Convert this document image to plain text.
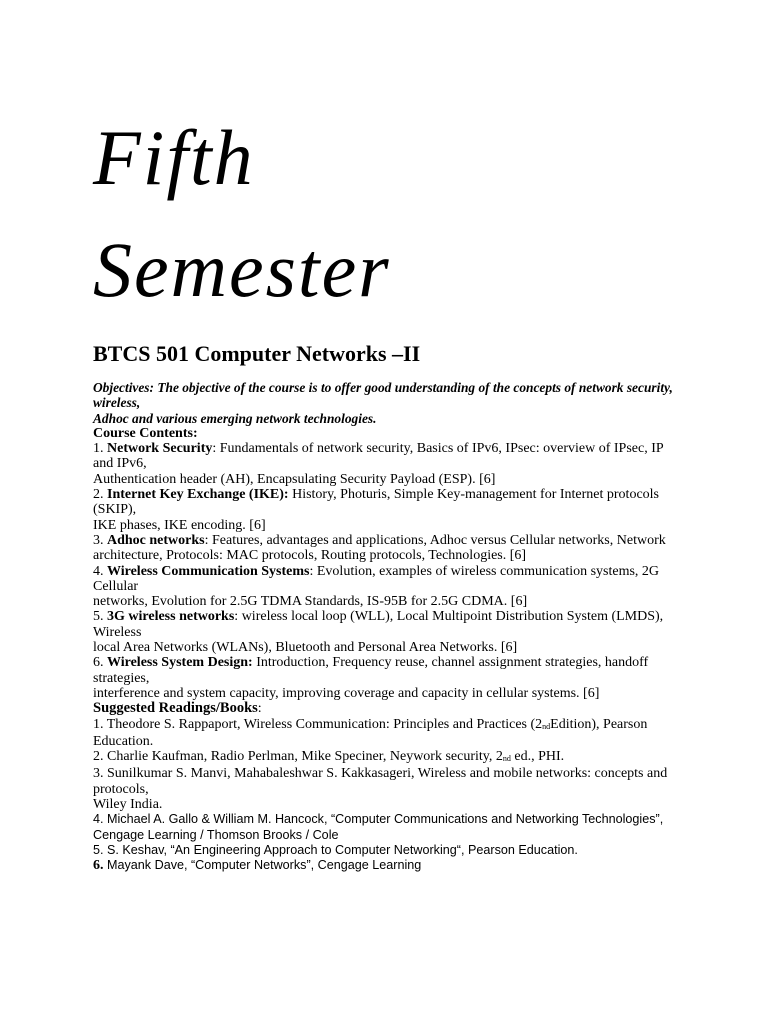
Fifth
Semester
BTCS 501 Computer Networks –II

Objectives: The objective of the course is to offer good understanding of the concepts of network security, wireless,
Adhoc and various emerging network technologies.

Course Contents:

1. Network Security: Fundamentals of network security, Basics of IPv6, IPsec: overview of IPsec, IP and IPv6,
Authentication header (AH), Encapsulating Security Payload (ESP). [6]

2. Internet Key Exchange (IKE): History, Photuris, Simple Key-management for Internet protocols (SKIP),
IKE phases, IKE encoding. [6]

3. Adhoc networks: Features, advantages and applications, Adhoc versus Cellular networks, Network architecture, Protocols: MAC protocols, Routing protocols, Technologies. [6]

4. Wireless Communication Systems: Evolution, examples of wireless communication systems, 2G Cellular
networks, Evolution for 2.5G TDMA Standards, IS-95B for 2.5G CDMA. [6]

5. 3G wireless networks: wireless local loop (WLL), Local Multipoint Distribution System (LMDS), Wireless
local Area Networks (WLANs), Bluetooth and Personal Area Networks. [6]

6. Wireless System Design: Introduction, Frequency reuse, channel assignment strategies, handoff strategies,
interference and system capacity, improving coverage and capacity in cellular systems. [6]

Suggested Readings/Books:

1. Theodore S. Rappaport, Wireless Communication: Principles and Practices $(2_{nd}Edition)$, Pearson Education.

2. Charlie Kaufman, Radio Perlman, Mike Speciner, Neywork security, $2_{nd}$ ed., PHI.

3. Sunilkumar S. Manvi, Mahabaleshwar S. Kakkasageri, Wireless and mobile networks: concepts and protocols,
Wiley India.

4. Michael A. Gallo & William M. Hancock, “Computer Communications and Networking Technologies”,
Cengage Learning / Thomson Brooks / Cole

5. S. Keshav, “An Engineering Approach to Computer Networking“, Pearson Education.

6. Mayank Dave, “Computer Networks”, Cengage Learning
